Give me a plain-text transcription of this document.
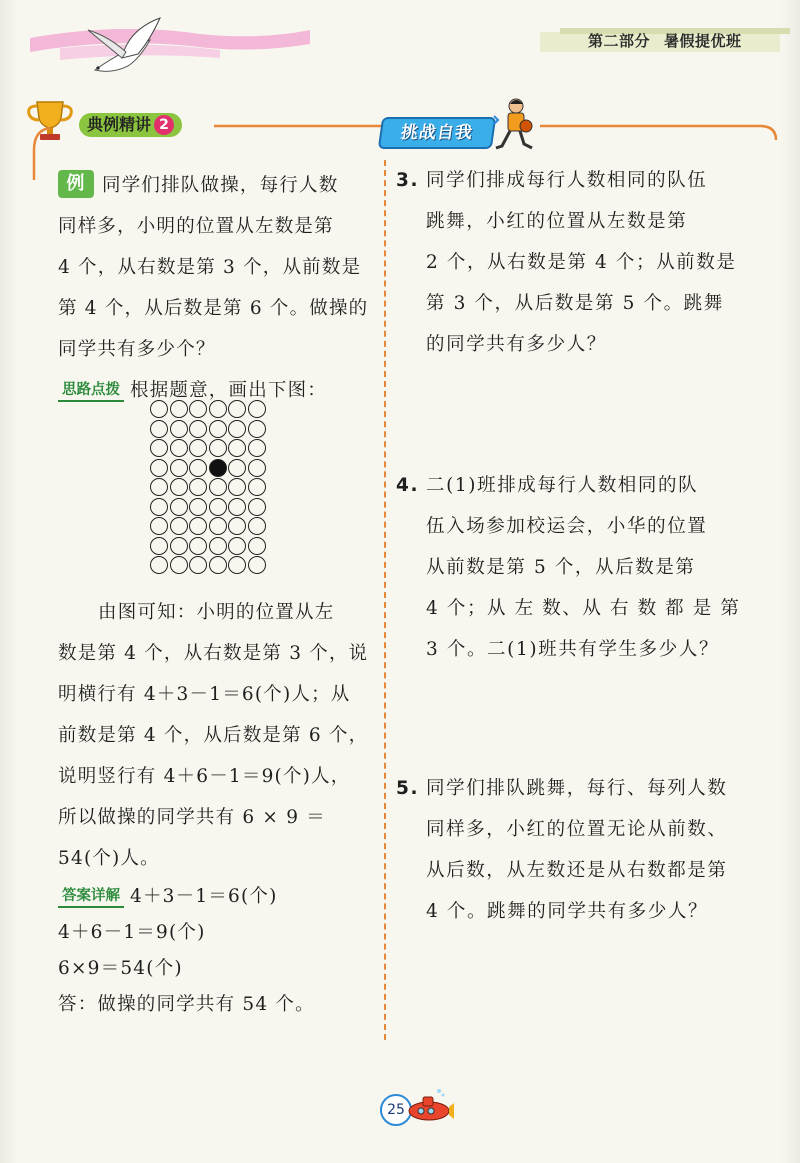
第二部分 暑假提优班
典例精讲 2	挑战自我
例 同学们排队做操，每行人数
同样多，小明的位置从左数是第
4 个，从右数是第 3 个，从前数是
第 4 个，从后数是第 6 个。做操的
同学共有多少个？
思路点拨 根据题意，画出下图：
由图可知：小明的位置从左
数是第 4 个，从右数是第 3 个，说
明横行有 4＋3－1＝6(个)人；从
前数是第 4 个，从后数是第 6 个，
说明竖行有 4＋6－1＝9(个)人，
所以做操的同学共有 6 × 9 ＝
54(个)人。
答案详解 4＋3－1＝6(个)
4＋6－1＝9(个)
6×9＝54(个)
答：做操的同学共有 54 个。
3. 同学们排成每行人数相同的队伍
跳舞，小红的位置从左数是第
2 个，从右数是第 4 个；从前数是
第 3 个，从后数是第 5 个。跳舞
的同学共有多少人？
4. 二(1)班排成每行人数相同的队
伍入场参加校运会，小华的位置
从前数是第 5 个，从后数是第
4 个；从 左 数、从 右 数 都 是 第
3 个。二(1)班共有学生多少人？
5. 同学们排队跳舞，每行、每列人数
同样多，小红的位置无论从前数、
从后数，从左数还是从右数都是第
4 个。跳舞的同学共有多少人？
25
